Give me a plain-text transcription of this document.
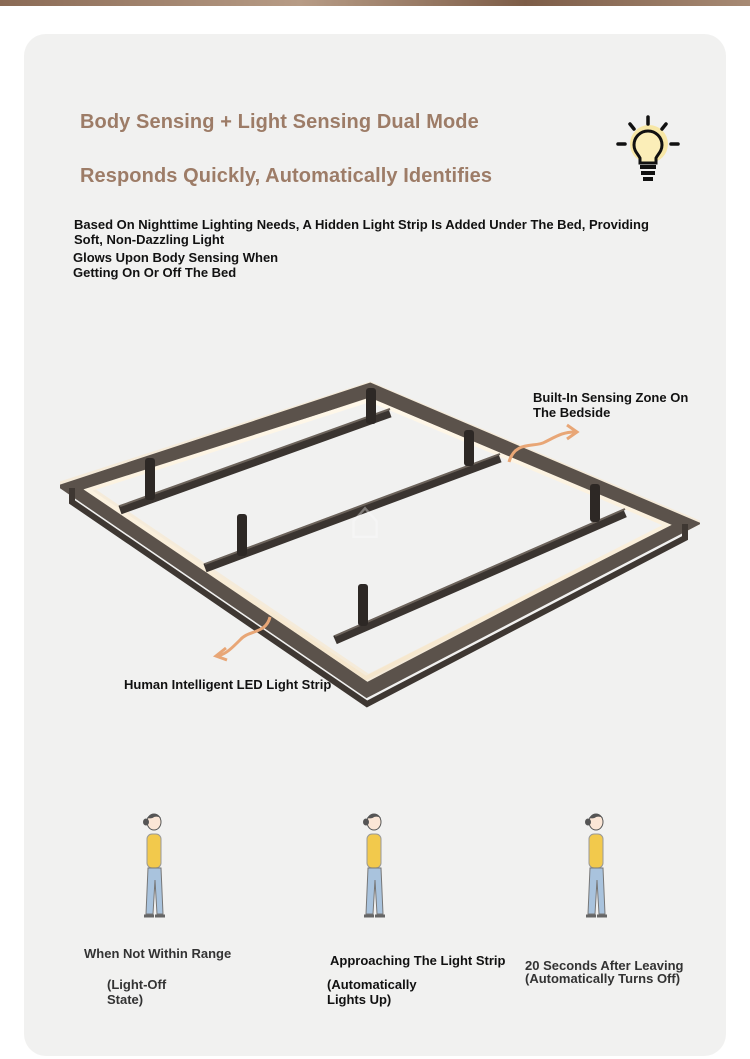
Body Sensing + Light Sensing Dual Mode
Responds Quickly, Automatically Identifies
Based On Nighttime Lighting Needs, A Hidden Light Strip Is Added Under The Bed, Providing Soft, Non-Dazzling Light
Glows Upon Body Sensing When Getting On Or Off The Bed
⌂
Built-In Sensing Zone On The Bedside
Human Intelligent LED Light Strip
When Not Within Range
(Light-Off State)
Approaching The Light Strip
(Automatically Lights Up)
20 Seconds After Leaving (Automatically Turns Off)
